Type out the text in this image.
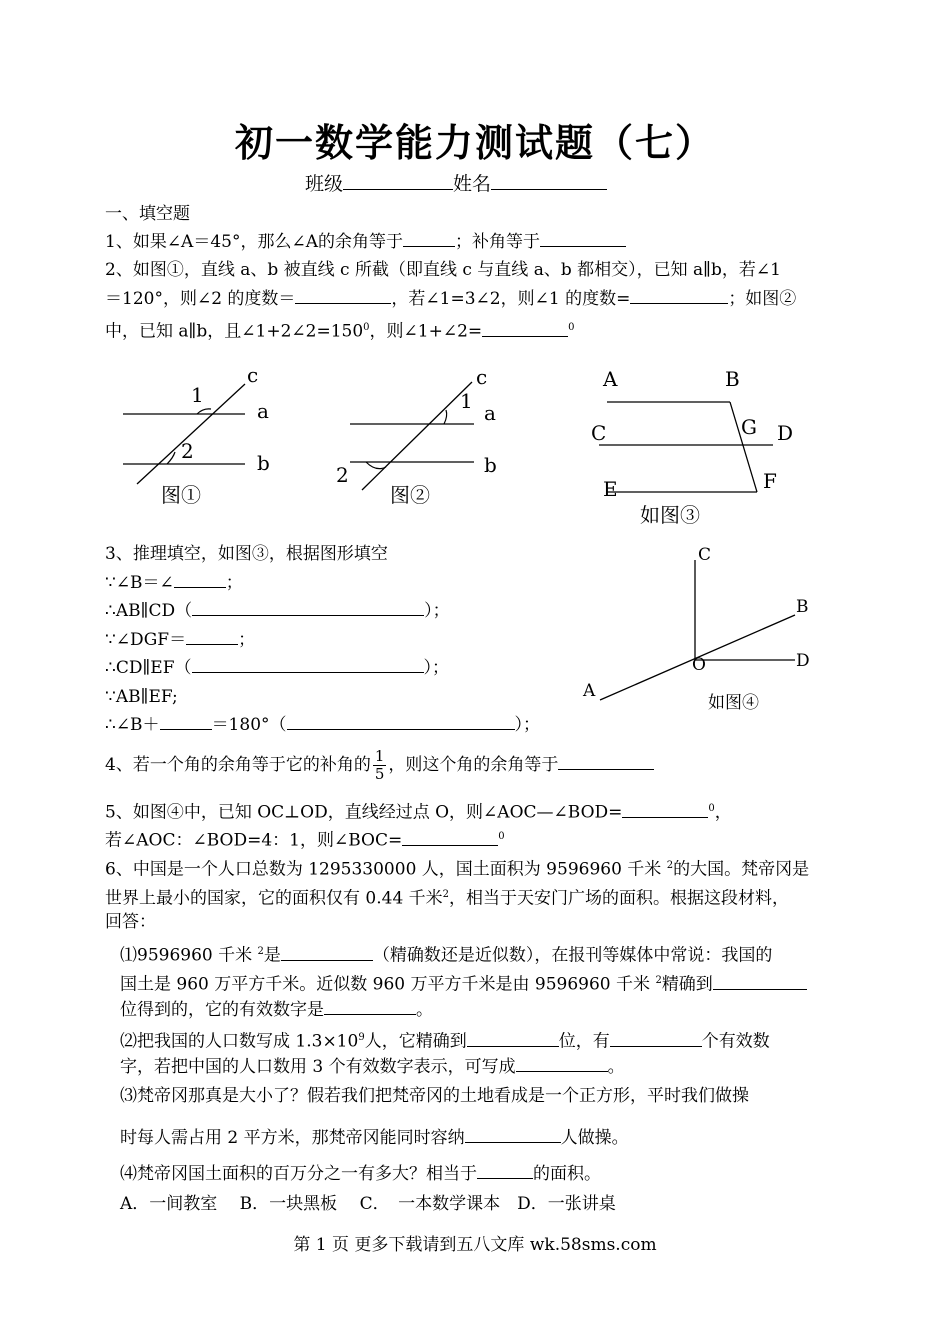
初一数学能力测试题（七）
班级	姓名
一、填空题
1、如果∠A＝45°，那么∠A的余角等于	；补角等于
2、如图①，直线 a、b 被直线 c 所截（即直线 c 与直线 a、b 都相交），已知 a∥b，若∠1
＝120°，则∠2 的度数＝	，若∠1=3∠2，则∠1 的度数=	；如图②
中，已知 a∥b，且$\angle 1+2\angle 2=150^0$，则∠1+∠2=	$^0$
c
a
b
1
2
图①
c
a
b
1
2
图②
A	B
C	G D
E	F
如图③
3、推理填空，如图③，根据图形填空
∵∠B＝∠	；
∴AB∥CD（	）；
∵∠DGF＝	；
∴CD∥EF（	）；
∵AB∥EF;
∴∠B＋	＝180°（	）；
C
B
D
O
A
如图④
4、若一个角的余角等于它的补角的 $\frac{1}{5}$ ，则这个角的余角等于
5、如图④中，已知 OC⊥OD，直线经过点 O，则∠AOC—∠BOD=	$^0$，
若∠AOC：∠BOD=4：1，则∠BOC=	$^0$
6、中国是一个人口总数为 1295330000 人，国土面积为 9596960 千米 $^2$的大国。梵帝冈是
世界上最小的国家，它的面积仅有 0.44 千米$^2$，相当于天安门广场的面积。根据这段材料，
回答：
⑴9596960 千米 $^2$是	（精确数还是近似数），在报刊等媒体中常说：我国的
国土是 960 万平方千米。近似数 960 万平方千米是由 9596960 千米 $^2$精确到
位得到的，它的有效数字是	。
⑵把我国的人口数写成 $1.3\times 10^9$人，它精确到	位，有	个有效数
字，若把中国的人口数用 3 个有效数字表示，可写成	。
⑶梵帝冈那真是大小了？假若我们把梵帝冈的土地看成是一个正方形，平时我们做操
时每人需占用 2 平方米，那梵帝冈能同时容纳	人做操。
⑷梵帝冈国土面积的百万分之一有多大？相当于	的面积。
A．一间教室　 B．一块黑板　 C．　一本数学课本　D．一张讲桌
第 1 页 更多下载请到五八文库 wk.58sms.com
